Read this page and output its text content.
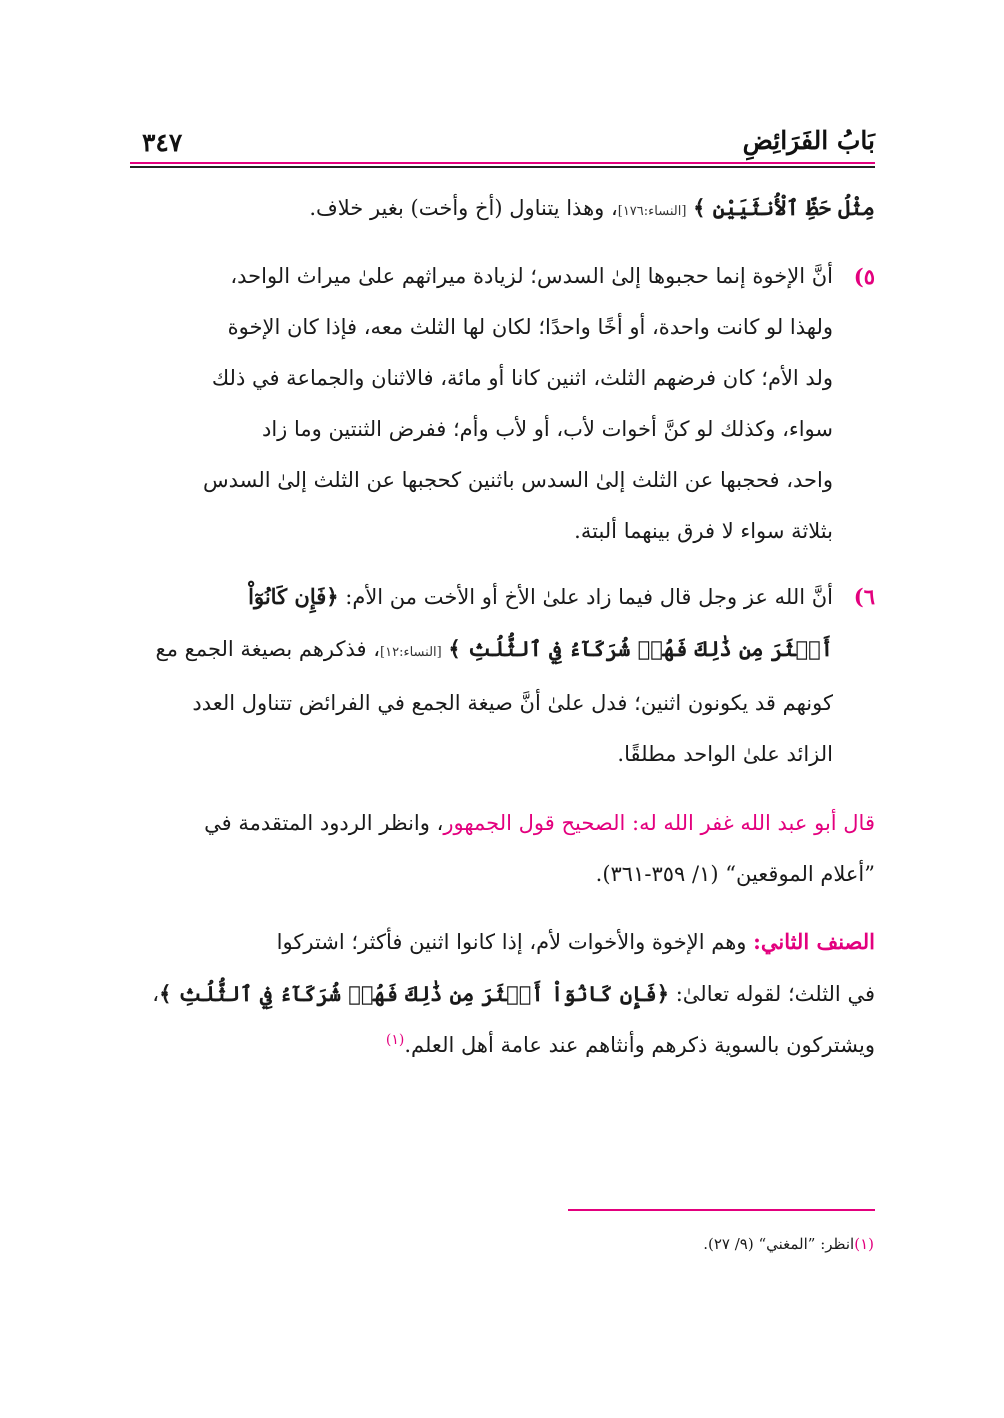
بَابُ الفَرَائِضِ
٣٤٧

مِثْلُ حَظِّ ٱلْأُنثَيَيْنِ ﴾ [النساء:١٧٦]، وهذا يتناول (أخ وأخت) بغير خلاف.

٥)
أنَّ الإخوة إنما حجبوها إلىٰ السدس؛ لزيادة ميراثهم علىٰ ميراث الواحد،
ولهذا لو كانت واحدة، أو أخًا واحدًا؛ لكان لها الثلث معه، فإذا كان الإخوة
ولد الأم؛ كان فرضهم الثلث، اثنين كانا أو مائة، فالاثنان والجماعة في ذلك
سواء، وكذلك لو كنَّ أخوات لأب، أو لأب وأم؛ ففرض الثنتين وما زاد
واحد، فحجبها عن الثلث إلىٰ السدس باثنين كحجبها عن الثلث إلىٰ السدس
بثلاثة سواء لا فرق بينهما ألبتة.
٦)
أنَّ الله عز وجل قال فيما زاد علىٰ الأخ أو الأخت من الأم: ﴿فَإِن كَانُوٓاْ
أَكۡثَرَ مِن ذَٰلِكَ فَهُمۡ شُرَكَآءُ فِي ٱلثُّلُثِ ﴾ [النساء:١٢]، فذكرهم بصيغة الجمع مع
كونهم قد يكونون اثنين؛ فدل علىٰ أنَّ صيغة الجمع في الفرائض تتناول العدد
الزائد علىٰ الواحد مطلقًا.

قال أبو عبد الله غفر الله له: الصحيح قول الجمهور، وانظر الردود المتقدمة في
”أعلام الموقعين“ (١/ ٣٥٩-٣٦١).

الصنف الثاني: وهم الإخوة والأخوات لأم، إذا كانوا اثنين فأكثر؛ اشتركوا
في الثلث؛ لقوله تعالىٰ: ﴿فَإِن كَانُوٓاْ أَكۡثَرَ مِن ذَٰلِكَ فَهُمۡ شُرَكَآءُ فِي ٱلثُّلُثِ ﴾،
ويشتركون بالسوية ذكرهم وأنثاهم عند عامة أهل العلم.$^{(١)}$

(١)انظر: ”المغني“ (٩/ ٢٧).
